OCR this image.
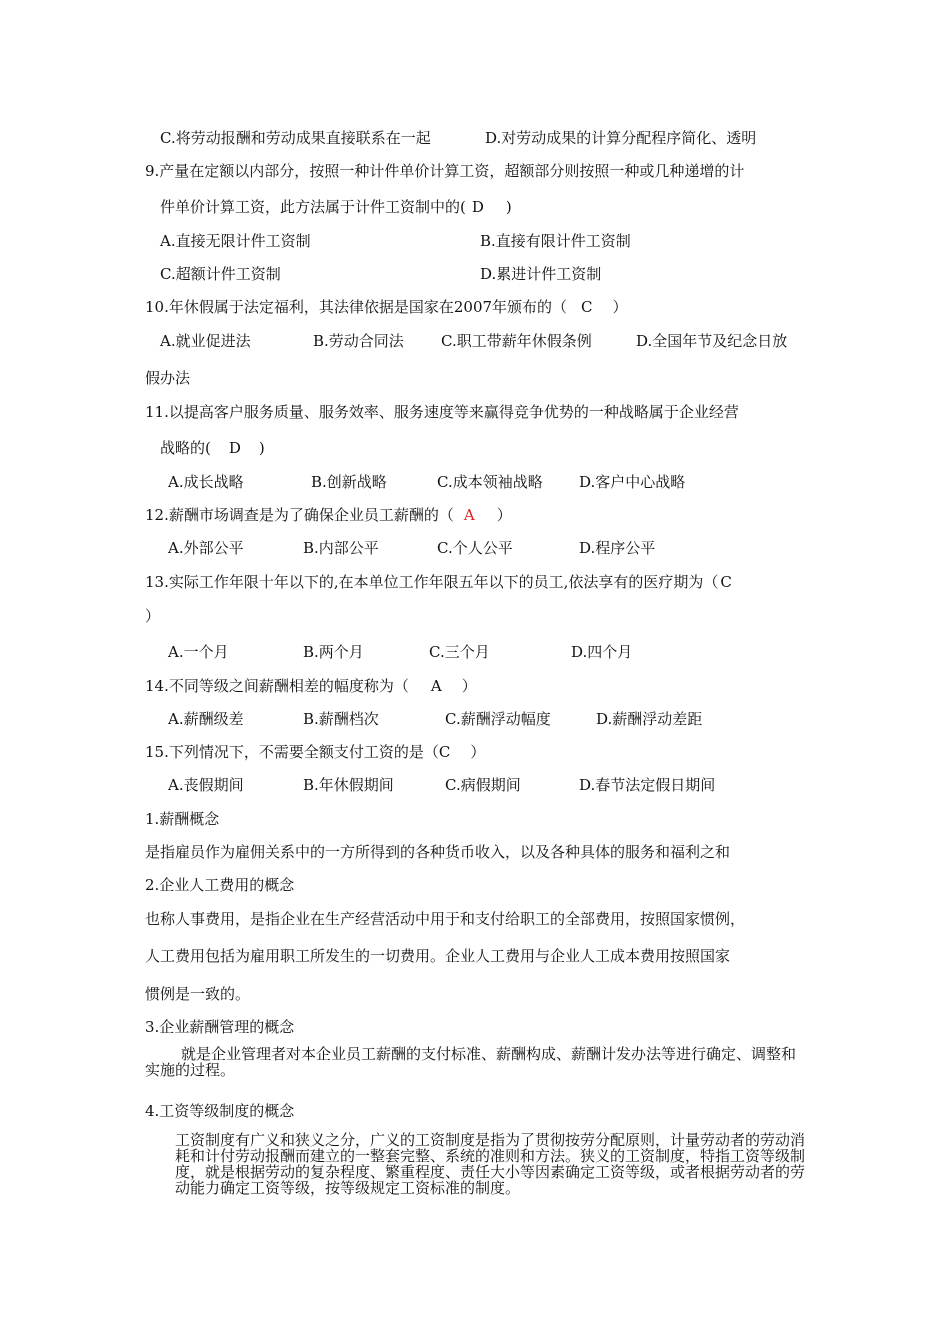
C.将劳动报酬和劳动成果直接联系在一起	D.对劳动成果的计算分配程序简化、透明
9.产量在定额以内部分，按照一种计件单价计算工资，超额部分则按照一种或几种递增的计
件单价计算工资，此方法属于计件工资制中的( D )
A.直接无限计件工资制	B.直接有限计件工资制
C.超额计件工资制	D.累进计件工资制
10.年休假属于法定福利，其法律依据是国家在2007年颁布的（ C ）
A.就业促进法	B.劳动合同法 C.职工带薪年休假条例	D.全国年节及纪念日放
假办法
11.以提高客户服务质量、服务效率、服务速度等来赢得竞争优势的一种战略属于企业经营
战略的( D )
A.成长战略	B.创新战略	C.成本领袖战略 D.客户中心战略
12.薪酬市场调查是为了确保企业员工薪酬的（ A ）
A.外部公平	B.内部公平	C.个人公平	D.程序公平
13.实际工作年限十年以下的,在本单位工作年限五年以下的员工,依法享有的医疗期为（ C
）
A.一个月	B.两个月	C.三个月	D.四个月
14.不同等级之间薪酬相差的幅度称为（ A ）
A.薪酬级差	B.薪酬档次	C.薪酬浮动幅度	D.薪酬浮动差距
15.下列情况下，不需要全额支付工资的是（C ）
A.丧假期间	B.年休假期间	C.病假期间	D.春节法定假日期间
1.薪酬概念
是指雇员作为雇佣关系中的一方所得到的各种货币收入，以及各种具体的服务和福利之和
2.企业人工费用的概念
也称人事费用，是指企业在生产经营活动中用于和支付给职工的全部费用，按照国家惯例，
人工费用包括为雇用职工所发生的一切费用。企业人工费用与企业人工成本费用按照国家
惯例是一致的。
3.企业薪酬管理的概念
就是企业管理者对本企业员工薪酬的支付标准、薪酬构成、薪酬计发办法等进行确定、调整和实施的过程。
4.工资等级制度的概念
工资制度有广义和狭义之分，广义的工资制度是指为了贯彻按劳分配原则，计量劳动者的劳动消耗和计付劳动报酬而建立的一整套完整、系统的准则和方法。狭义的工资制度，特指工资等级制度，就是根据劳动的复杂程度、繁重程度、责任大小等因素确定工资等级，或者根据劳动者的劳动能力确定工资等级，按等级规定工资标准的制度。
